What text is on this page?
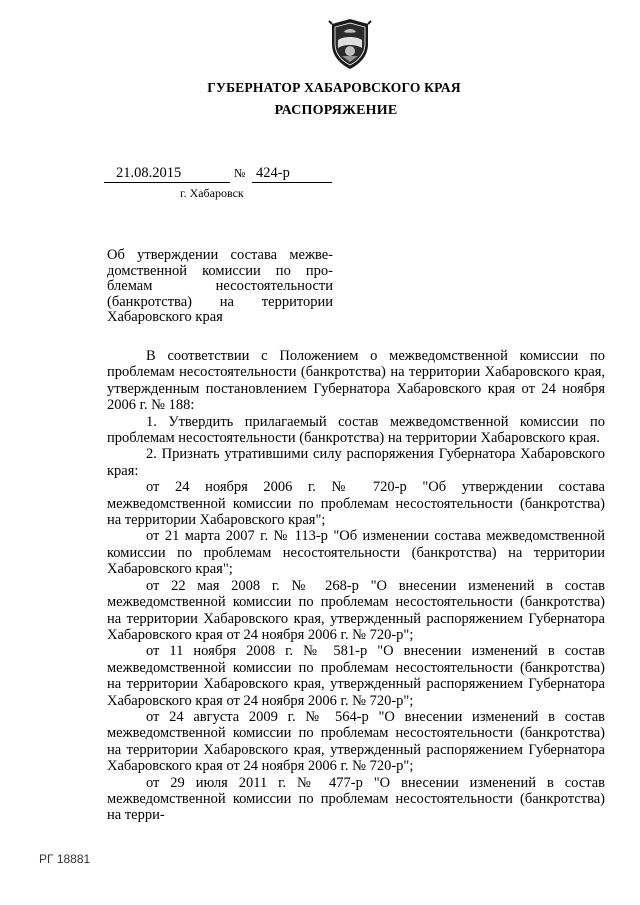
ГУБЕРНАТОР ХАБАРОВСКОГО КРАЯ
РАСПОРЯЖЕНИЕ
21.08.2015	№ 424-р
г. Хабаровск
Об утверждении состава межве-
домственной комиссии по про-
блемам несостоятельности
(банкротства) на территории
Хабаровского края

В соответствии с Положением о межведомственной комиссии по проблемам несостоятельности (банкротства) на территории Хабаровского края, утвержденным постановлением Губернатора Хабаровского края от 24 ноября 2006 г. № 188:

1. Утвердить прилагаемый состав межведомственной комиссии по проблемам несостоятельности (банкротства) на территории Хабаровского края.

2. Признать утратившими силу распоряжения Губернатора Хабаровского края:

от 24 ноября 2006 г. № 720-р "Об утверждении состава межведомственной комиссии по проблемам несостоятельности (банкротства) на территории Хабаровского края";

от 21 марта 2007 г. № 113-р "Об изменении состава межведомственной комиссии по проблемам несостоятельности (банкротства) на территории Хабаровского края";

от 22 мая 2008 г. № 268-р "О внесении изменений в состав межведомственной комиссии по проблемам несостоятельности (банкротства) на территории Хабаровского края, утвержденный распоряжением Губернатора Хабаровского края от 24 ноября 2006 г. № 720-р";

от 11 ноября 2008 г. № 581-р "О внесении изменений в состав межведомственной комиссии по проблемам несостоятельности (банкротства) на территории Хабаровского края, утвержденный распоряжением Губернатора Хабаровского края от 24 ноября 2006 г. № 720-р";

от 24 августа 2009 г. № 564-р "О внесении изменений в состав межведомственной комиссии по проблемам несостоятельности (банкротства) на территории Хабаровского края, утвержденный распоряжением Губернатора Хабаровского края от 24 ноября 2006 г. № 720-р";

от 29 июля 2011 г. № 477-р "О внесении изменений в состав межведомственной комиссии по проблемам несостоятельности (банкротства) на терри-

РГ 18881
